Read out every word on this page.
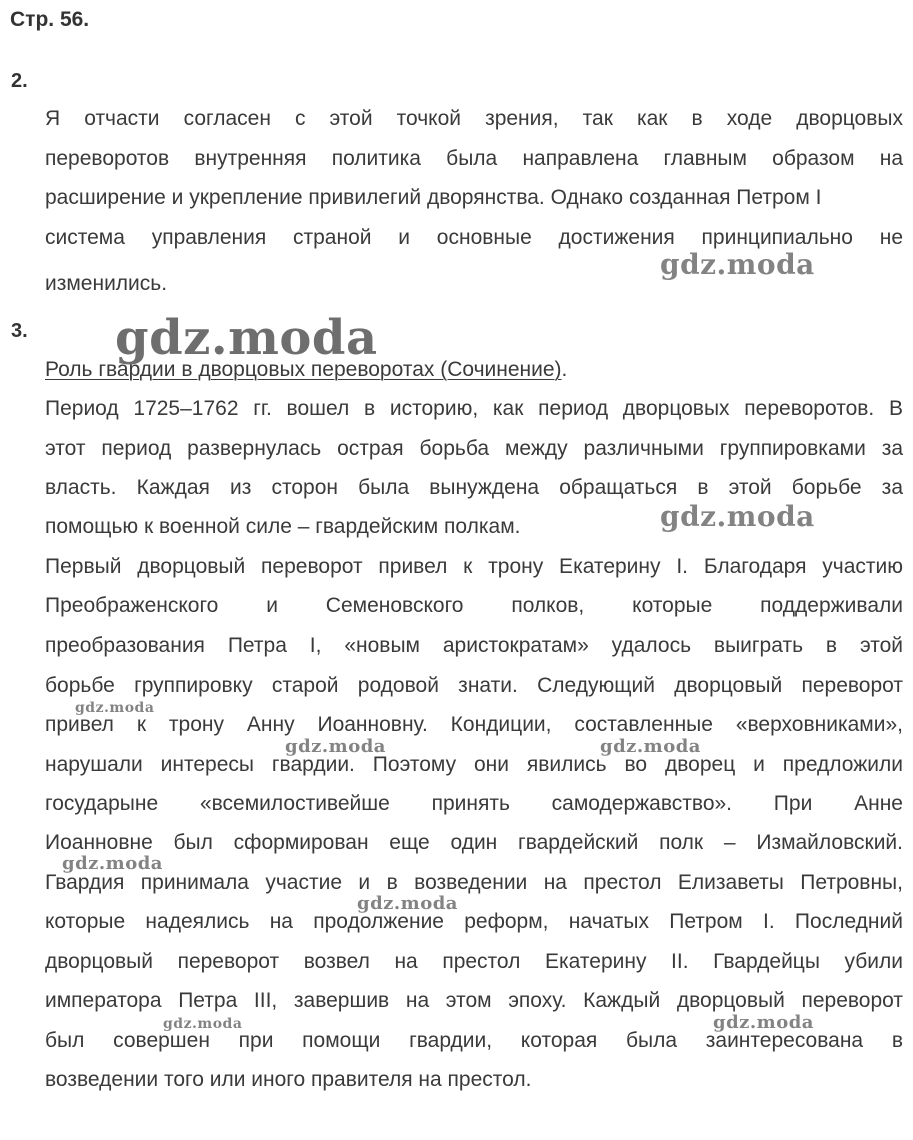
Стр. 56.
2.
Я отчасти согласен с этой точкой зрения, так как в ходе дворцовых
переворотов внутренняя политика была направлена главным образом на
расширение и укрепление привилегий дворянства. Однако созданная Петром I
система управления страной и основные достижения принципиально не
изменились.
3.
Роль гвардии в дворцовых переворотах (Сочинение).
Период 1725–1762 гг. вошел в историю, как период дворцовых переворотов. В
этот период развернулась острая борьба между различными группировками за
власть. Каждая из сторон была вынуждена обращаться в этой борьбе за
помощью к военной силе – гвардейским полкам.
Первый дворцовый переворот привел к трону Екатерину I. Благодаря участию
Преображенского и Семеновского полков, которые поддерживали
преобразования Петра I, «новым аристократам» удалось выиграть в этой
борьбе группировку старой родовой знати. Следующий дворцовый переворот
привел к трону Анну Иоанновну. Кондиции, составленные «верховниками»,
нарушали интересы гвардии. Поэтому они явились во дворец и предложили
государыне «всемилостивейше принять самодержавство». При Анне
Иоанновне был сформирован еще один гвардейский полк – Измайловский.
Гвардия принимала участие и в возведении на престол Елизаветы Петровны,
которые надеялись на продолжение реформ, начатых Петром I. Последний
дворцовый переворот возвел на престол Екатерину II. Гвардейцы убили
императора Петра III, завершив на этом эпоху. Каждый дворцовый переворот
был совершен при помощи гвардии, которая была заинтересована в
возведении того или иного правителя на престол.
gdz.moda
gdz.moda
gdz.moda
gdz.moda
gdz.moda	gdz.moda
gdz.moda
gdz.moda
gdz.moda	gdz.moda
